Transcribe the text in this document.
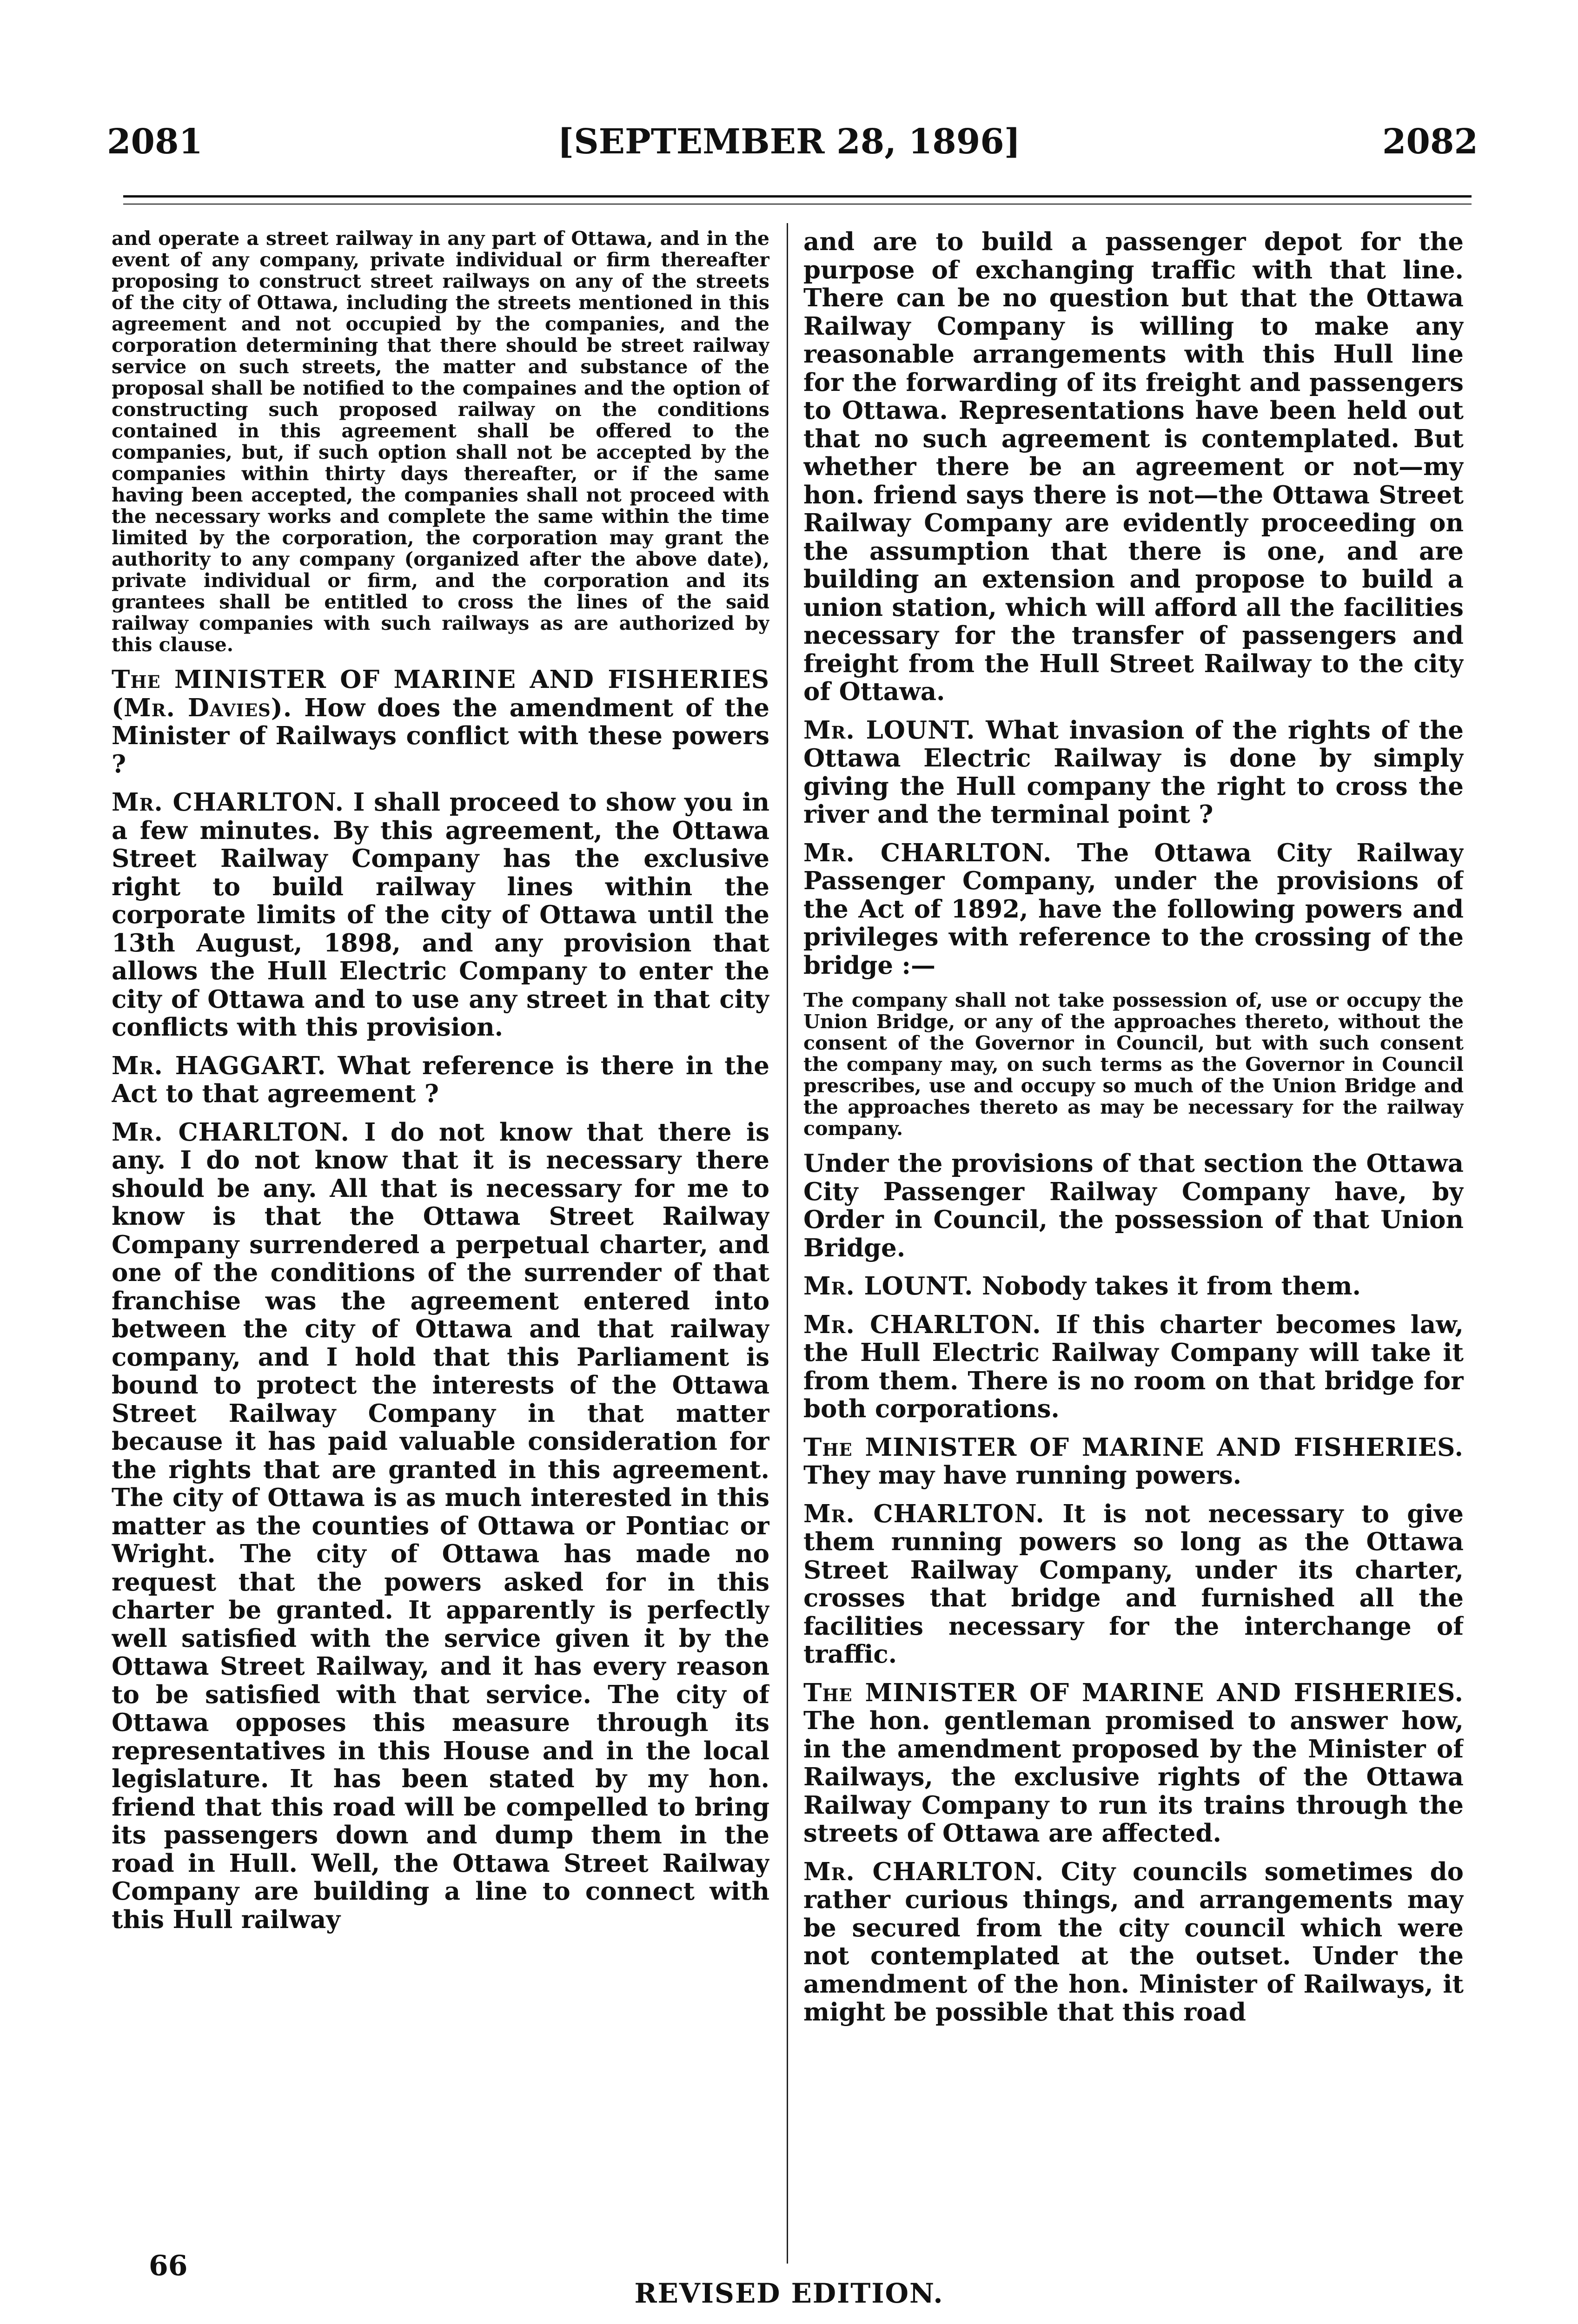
2081	[SEPTEMBER 28, 1896]	2082

and operate a street railway in any part of Ottawa, and in the event of any company, private individual or firm thereafter proposing to construct street railways on any of the streets of the city of Ottawa, including the streets mentioned in this agreement and not occupied by the companies, and the corporation determining that there should be street railway service on such streets, the matter and substance of the proposal shall be notified to the compaines and the option of constructing such proposed railway on the conditions contained in this agreement shall be offered to the companies, but, if such option shall not be accepted by the companies within thirty days thereafter, or if the same having been accepted, the companies shall not proceed with the necessary works and complete the same within the time limited by the corporation, the corporation may grant the authority to any company (organized after the above date), private individual or firm, and the corporation and its grantees shall be entitled to cross the lines of the said railway companies with such railways as are authorized by this clause.

The MINISTER OF MARINE AND FISHERIES (Mr. Davies). How does the amendment of the Minister of Railways conflict with these powers ?

Mr. CHARLTON. I shall proceed to show you in a few minutes. By this agreement, the Ottawa Street Railway Company has the exclusive right to build railway lines within the corporate limits of the city of Ottawa until the 13th August, 1898, and any provision that allows the Hull Electric Company to enter the city of Ottawa and to use any street in that city conflicts with this provision.

Mr. HAGGART. What reference is there in the Act to that agreement ?

Mr. CHARLTON. I do not know that there is any. I do not know that it is necessary there should be any. All that is necessary for me to know is that the Ottawa Street Railway Company surrendered a perpetual charter, and one of the conditions of the surrender of that franchise was the agreement entered into between the city of Ottawa and that railway company, and I hold that this Parliament is bound to protect the interests of the Ottawa Street Railway Company in that matter because it has paid valuable consideration for the rights that are granted in this agreement. The city of Ottawa is as much interested in this matter as the counties of Ottawa or Pontiac or Wright. The city of Ottawa has made no request that the powers asked for in this charter be granted. It apparently is perfectly well satisfied with the service given it by the Ottawa Street Railway, and it has every reason to be satisfied with that service. The city of Ottawa opposes this measure through its representatives in this House and in the local legislature. It has been stated by my hon. friend that this road will be compelled to bring its passengers down and dump them in the road in Hull. Well, the Ottawa Street Railway Company are building a line to connect with this Hull railway

and are to build a passenger depot for the purpose of exchanging traffic with that line. There can be no question but that the Ottawa Railway Company is willing to make any reasonable arrangements with this Hull line for the forwarding of its freight and passengers to Ottawa. Representations have been held out that no such agreement is contemplated. But whether there be an agreement or not—my hon. friend says there is not—the Ottawa Street Railway Company are evidently proceeding on the assumption that there is one, and are building an extension and propose to build a union station, which will afford all the facilities necessary for the transfer of passengers and freight from the Hull Street Railway to the city of Ottawa.

Mr. LOUNT. What invasion of the rights of the Ottawa Electric Railway is done by simply giving the Hull company the right to cross the river and the terminal point ?

Mr. CHARLTON. The Ottawa City Railway Passenger Company, under the provisions of the Act of 1892, have the following powers and privileges with reference to the crossing of the bridge :—

The company shall not take possession of, use or occupy the Union Bridge, or any of the approaches thereto, without the consent of the Governor in Council, but with such consent the company may, on such terms as the Governor in Council prescribes, use and occupy so much of the Union Bridge and the approaches thereto as may be necessary for the railway company.

Under the provisions of that section the Ottawa City Passenger Railway Company have, by Order in Council, the possession of that Union Bridge.

Mr. LOUNT. Nobody takes it from them.

Mr. CHARLTON. If this charter becomes law, the Hull Electric Railway Company will take it from them. There is no room on that bridge for both corporations.

The MINISTER OF MARINE AND FISHERIES. They may have running powers.

Mr. CHARLTON. It is not necessary to give them running powers so long as the Ottawa Street Railway Company, under its charter, crosses that bridge and furnished all the facilities necessary for the interchange of traffic.

The MINISTER OF MARINE AND FISHERIES. The hon. gentleman promised to answer how, in the amendment proposed by the Minister of Railways, the exclusive rights of the Ottawa Railway Company to run its trains through the streets of Ottawa are affected.

Mr. CHARLTON. City councils sometimes do rather curious things, and arrangements may be secured from the city council which were not contemplated at the outset. Under the amendment of the hon. Minister of Railways, it might be possible that this road

66
REVISED EDITION.
